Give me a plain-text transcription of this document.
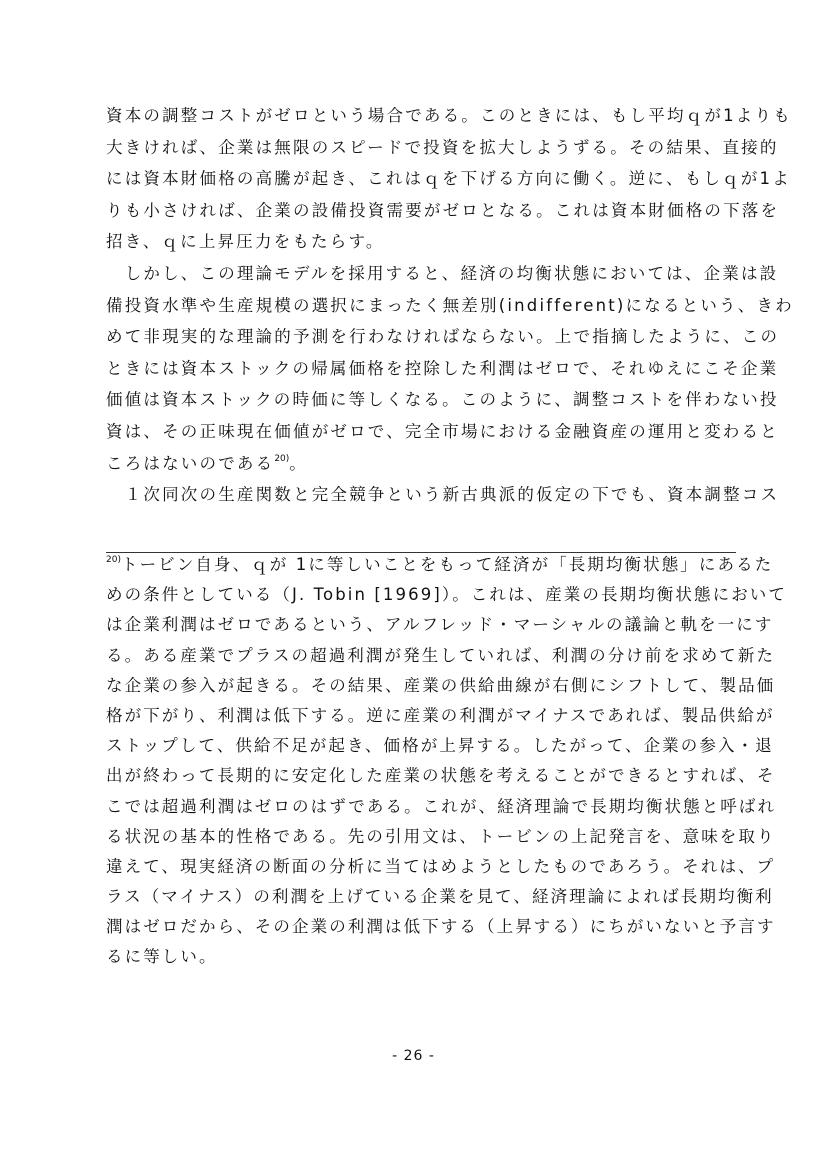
資本の調整コストがゼロという場合である。このときには、もし平均ｑが1よりも
大きければ、企業は無限のスピードで投資を拡大しようずる。その結果、直接的
には資本財価格の高騰が起き、これはｑを下げる方向に働く。逆に、もしｑが1よ
りも小さければ、企業の設備投資需要がゼロとなる。これは資本財価格の下落を
招き、ｑに上昇圧力をもたらす。
　しかし、この理論モデルを採用すると、経済の均衡状態においては、企業は設
備投資水準や生産規模の選択にまったく無差別(indifferent)になるという、きわ
めて非現実的な理論的予測を行わなければならない。上で指摘したように、この
ときには資本ストックの帰属価格を控除した利潤はゼロで、それゆえにこそ企業
価値は資本ストックの時価に等しくなる。このように、調整コストを伴わない投
資は、その正味現在価値がゼロで、完全市場における金融資産の運用と変わると
ころはないのである$^{20)}$。
　１次同次の生産関数と完全競争という新古典派的仮定の下でも、資本調整コス
$^{20)}$トービン自身、ｑが 1に等しいことをもって経済が「長期均衡状態」にあるた
めの条件としている（J. Tobin [1969]）。これは、産業の長期均衡状態において
は企業利潤はゼロであるという、アルフレッド・マーシャルの議論と軌を一にす
る。ある産業でプラスの超過利潤が発生していれば、利潤の分け前を求めて新た
な企業の参入が起きる。その結果、産業の供給曲線が右側にシフトして、製品価
格が下がり、利潤は低下する。逆に産業の利潤がマイナスであれば、製品供給が
ストップして、供給不足が起き、価格が上昇する。したがって、企業の参入・退
出が終わって長期的に安定化した産業の状態を考えることができるとすれば、そ
こでは超過利潤はゼロのはずである。これが、経済理論で長期均衡状態と呼ばれ
る状況の基本的性格である。先の引用文は、トービンの上記発言を、意味を取り
違えて、現実経済の断面の分析に当てはめようとしたものであろう。それは、プ
ラス（マイナス）の利潤を上げている企業を見て、経済理論によれば長期均衡利
潤はゼロだから、その企業の利潤は低下する（上昇する）にちがいないと予言す
るに等しい。
- 26 -
